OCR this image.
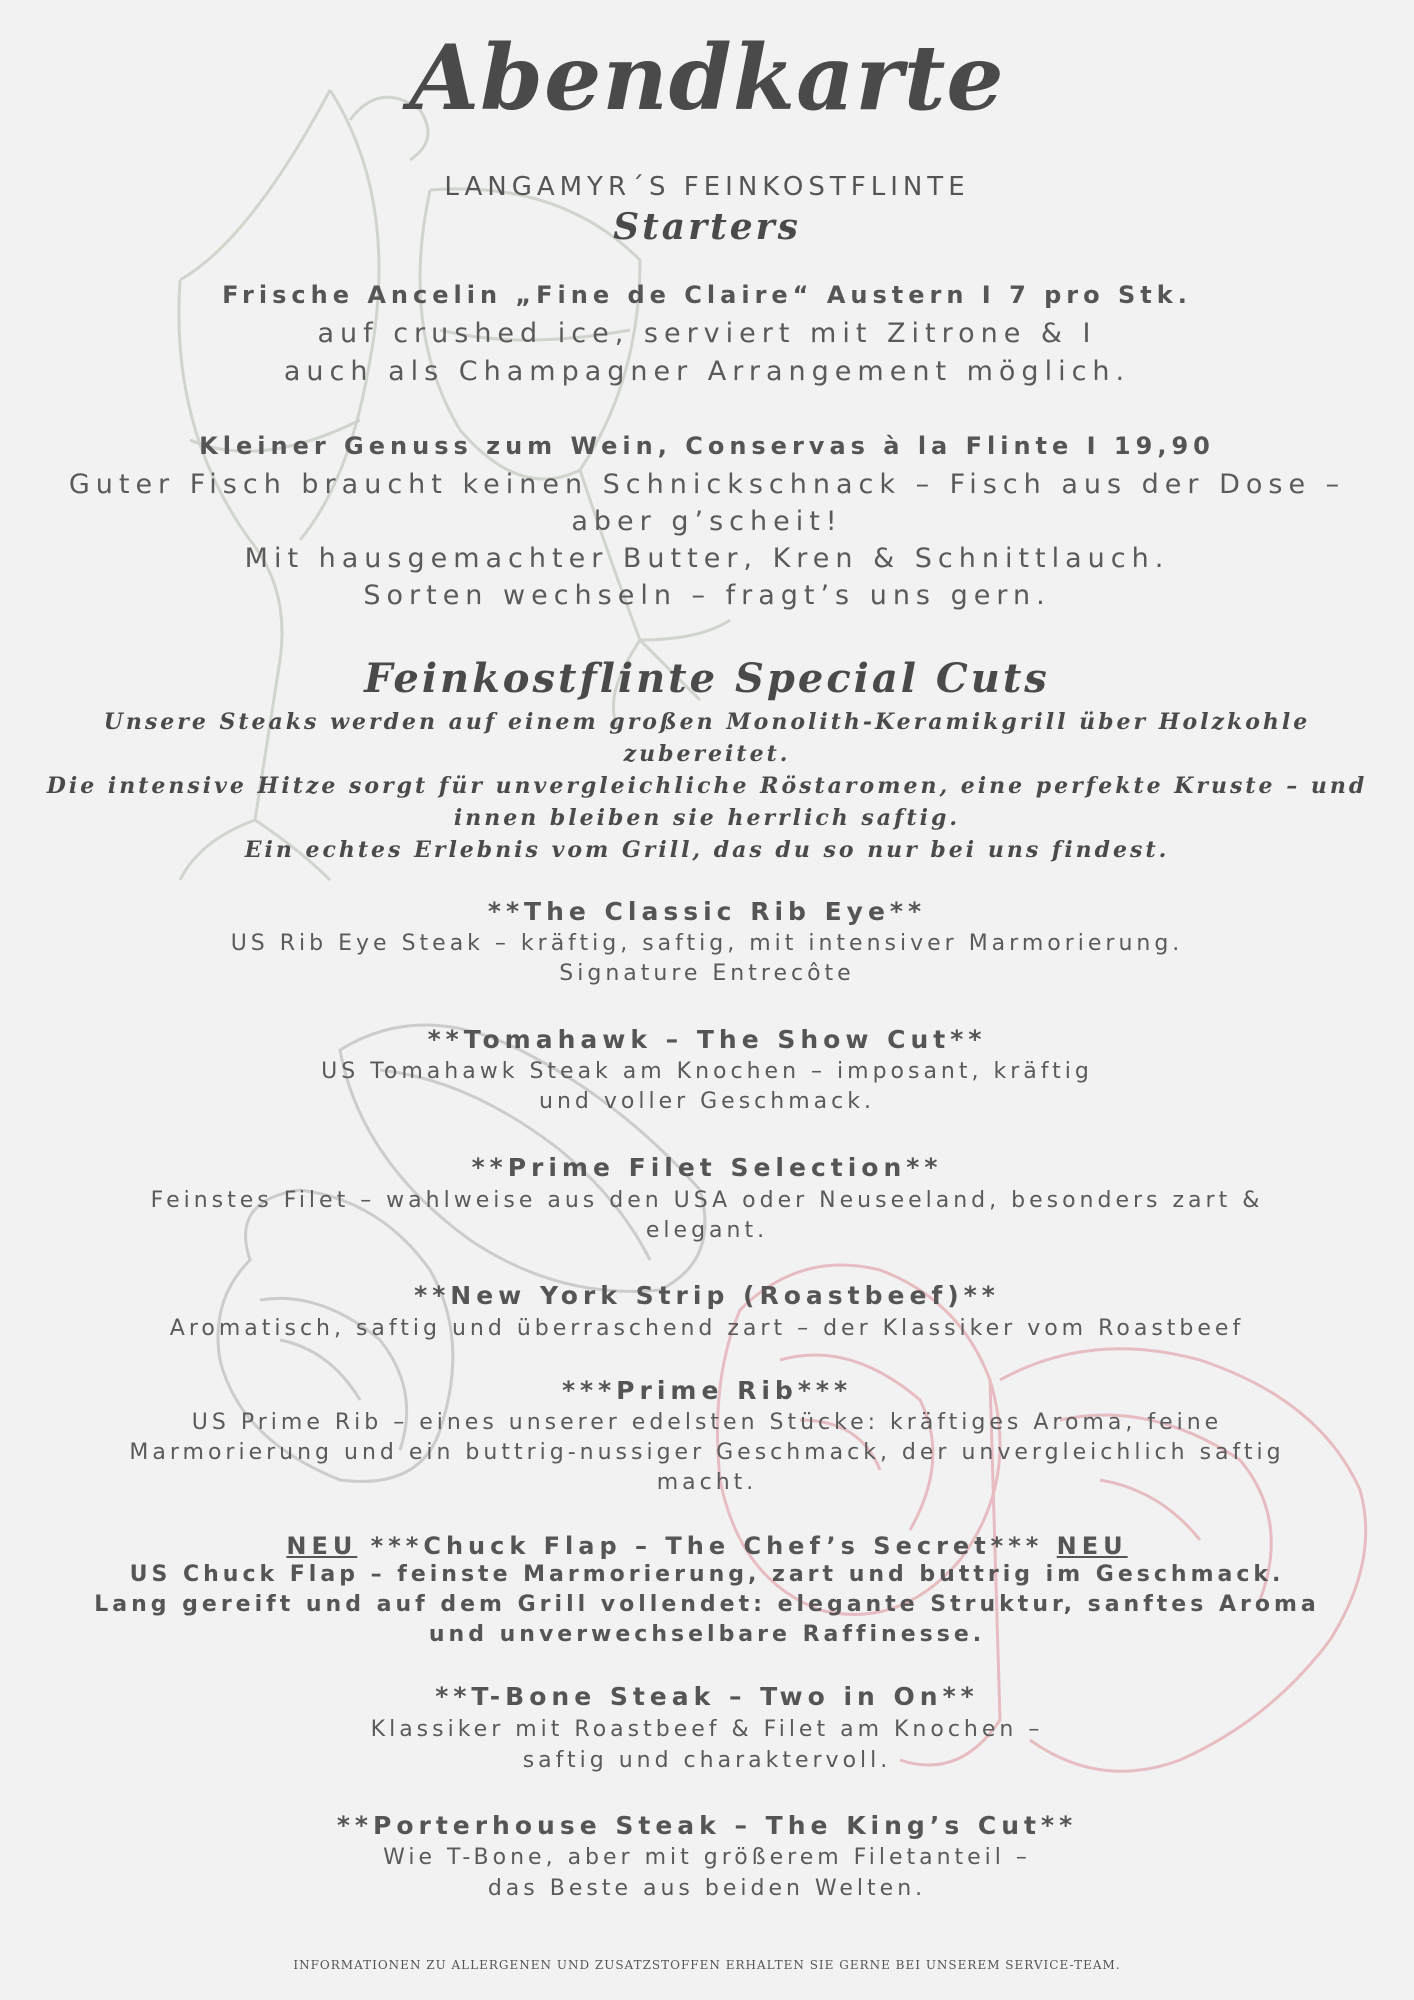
Abendkarte
LANGAMYR´S FEINKOSTFLINTE
Starters
Frische Ancelin „Fine de Claire“ Austern I 7 pro Stk.
auf crushed ice, serviert mit Zitrone & I
auch als Champagner Arrangement möglich.
Kleiner Genuss zum Wein, Conservas à la Flinte I 19,90
Guter Fisch braucht keinen Schnickschnack – Fisch aus der Dose –
aber g’scheit!
Mit hausgemachter Butter, Kren & Schnittlauch.
Sorten wechseln – fragt’s uns gern.
Feinkostflinte Special Cuts
Unsere Steaks werden auf einem großen Monolith-Keramikgrill über Holzkohle
zubereitet.
Die intensive Hitze sorgt für unvergleichliche Röstaromen, eine perfekte Kruste – und
innen bleiben sie herrlich saftig.
Ein echtes Erlebnis vom Grill, das du so nur bei uns findest.
**The Classic Rib Eye**
US Rib Eye Steak – kräftig, saftig, mit intensiver Marmorierung.
Signature Entrecôte
**Tomahawk – The Show Cut**
US Tomahawk Steak am Knochen – imposant, kräftig
und voller Geschmack.
**Prime Filet Selection**
Feinstes Filet – wahlweise aus den USA oder Neuseeland, besonders zart &
elegant.
**New York Strip (Roastbeef)**
Aromatisch, saftig und überraschend zart – der Klassiker vom Roastbeef
***Prime Rib***
US Prime Rib – eines unserer edelsten Stücke: kräftiges Aroma, feine
Marmorierung und ein buttrig-nussiger Geschmack, der unvergleichlich saftig
macht.
NEU ***Chuck Flap – The Chef’s Secret*** NEU
US Chuck Flap – feinste Marmorierung, zart und buttrig im Geschmack.
Lang gereift und auf dem Grill vollendet: elegante Struktur, sanftes Aroma
und unverwechselbare Raffinesse.
**T-Bone Steak – Two in On**
Klassiker mit Roastbeef & Filet am Knochen –
saftig und charaktervoll.
**Porterhouse Steak – The King’s Cut**
Wie T-Bone, aber mit größerem Filetanteil –
das Beste aus beiden Welten.
INFORMATIONEN ZU ALLERGENEN UND ZUSATZSTOFFEN ERHALTEN SIE GERNE BEI UNSEREM SERVICE-TEAM.
